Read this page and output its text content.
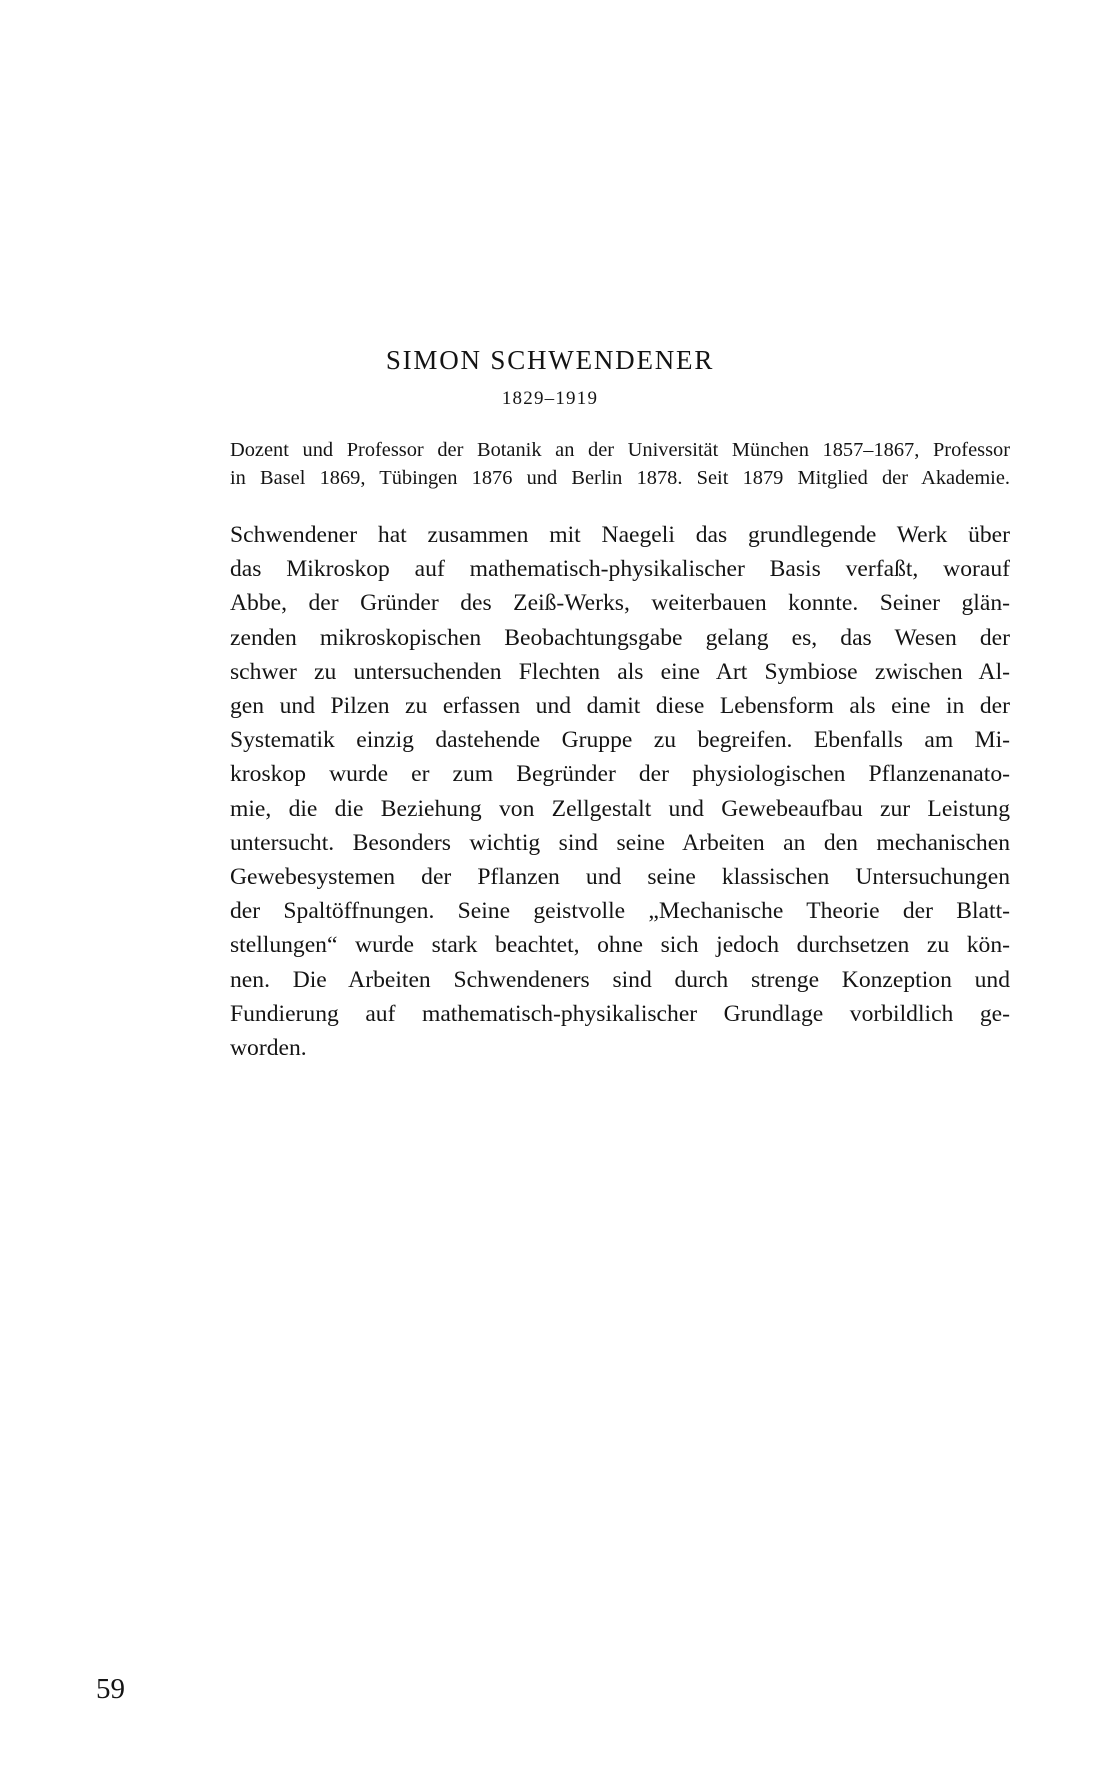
SIMON SCHWENDENER
1829–1919
Dozent und Professor der Botanik an der Universität München 1857–1867, Professor
in Basel 1869, Tübingen 1876 und Berlin 1878. Seit 1879 Mitglied der Akademie.
Schwendener hat zusammen mit Naegeli das grundlegende Werk über
das Mikroskop auf mathematisch-physikalischer Basis verfaßt, worauf
Abbe, der Gründer des Zeiß-Werks, weiterbauen konnte. Seiner glän-
zenden mikroskopischen Beobachtungsgabe gelang es, das Wesen der
schwer zu untersuchenden Flechten als eine Art Symbiose zwischen Al-
gen und Pilzen zu erfassen und damit diese Lebensform als eine in der
Systematik einzig dastehende Gruppe zu begreifen. Ebenfalls am Mi-
kroskop wurde er zum Begründer der physiologischen Pflanzenanato-
mie, die die Beziehung von Zellgestalt und Gewebeaufbau zur Leistung
untersucht. Besonders wichtig sind seine Arbeiten an den mechanischen
Gewebesystemen der Pflanzen und seine klassischen Untersuchungen
der Spaltöffnungen. Seine geistvolle „Mechanische Theorie der Blatt-
stellungen“ wurde stark beachtet, ohne sich jedoch durchsetzen zu kön-
nen. Die Arbeiten Schwendeners sind durch strenge Konzeption und
Fundierung auf mathematisch-physikalischer Grundlage vorbildlich ge-
worden.
59
